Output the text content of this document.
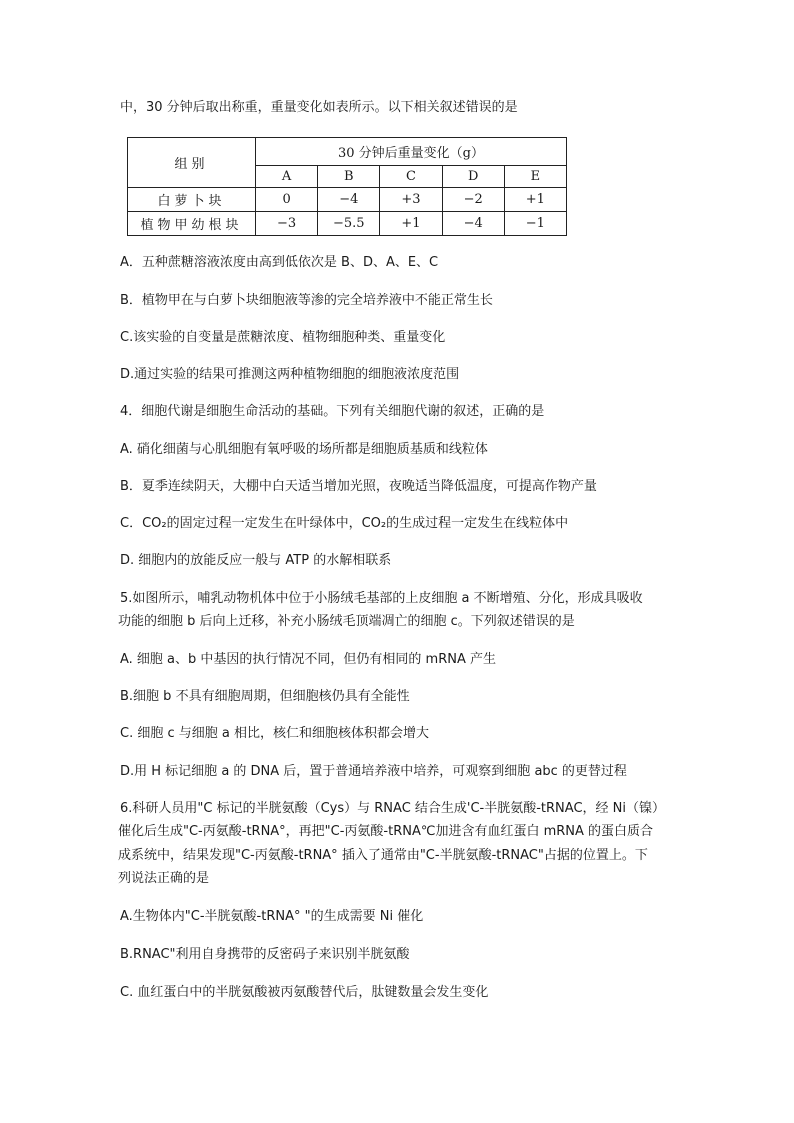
中，30 分钟后取出称重，重量变化如表所示。以下相关叙述错误的是
组别	30 分钟后重量变化（g）				
	A	B	C	D	E
白萝卜块	0	−4	+3	−2	+1
植物甲幼根块	−3	−5.5	+1	−4	−1
A．五种蔗糖溶液浓度由高到低依次是 B、D、A、E、C
B．植物甲在与白萝卜块细胞液等渗的完全培养液中不能正常生长
C.该实验的自变量是蔗糖浓度、植物细胞种类、重量变化
D.通过实验的结果可推测这两种植物细胞的细胞液浓度范围
4．细胞代谢是细胞生命活动的基础。下列有关细胞代谢的叙述，正确的是
A. 硝化细菌与心肌细胞有氧呼吸的场所都是细胞质基质和线粒体
B．夏季连续阴天，大棚中白天适当增加光照，夜晚适当降低温度，可提高作物产量
C．CO₂的固定过程一定发生在叶绿体中，CO₂的生成过程一定发生在线粒体中
D. 细胞内的放能反应一般与 ATP 的水解相联系
5.如图所示，哺乳动物机体中位于小肠绒毛基部的上皮细胞 a 不断增殖、分化，形成具吸收
功能的细胞 b 后向上迁移，补充小肠绒毛顶端凋亡的细胞 c。下列叙述错误的是
A. 细胞 a、b 中基因的执行情况不同，但仍有相同的 mRNA 产生
B.细胞 b 不具有细胞周期，但细胞核仍具有全能性
C. 细胞 c 与细胞 a 相比，核仁和细胞核体积都会增大
D.用 H 标记细胞 a 的 DNA 后，置于普通培养液中培养，可观察到细胞 abc 的更替过程
6.科研人员用"C 标记的半胱氨酸（Cys）与 RNAC 结合生成'C-半胱氨酸-tRNAC，经 Ni（镍）
催化后生成"C-丙氨酸-tRNA°，再把"C-丙氨酸-tRNA℃加进含有血红蛋白 mRNA 的蛋白质合
成系统中，结果发现"C-丙氨酸-tRNA° 插入了通常由"C-半胱氨酸-tRNAC"占据的位置上。下
列说法正确的是
A.生物体内"C-半胱氨酸-tRNA° "的生成需要 Ni 催化
B.RNAC"利用自身携带的反密码子来识别半胱氨酸
C. 血红蛋白中的半胱氨酸被丙氨酸替代后，肽键数量会发生变化
